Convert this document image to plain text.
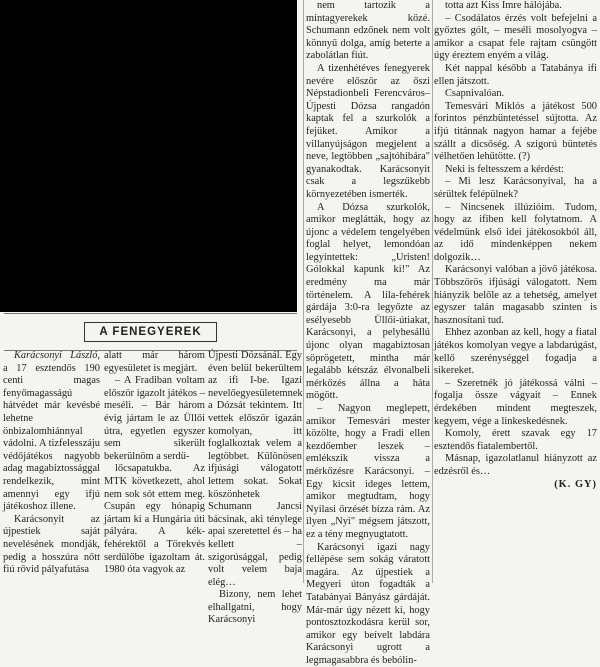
A FENEGYEREK

Karácsonyi László, a 17 esztendős 190 centi magas fenyőmagasságú hátvédet már kevésbé lehetne önbizalomhiánnyal vádolni. A tizfelesszáju védőjátékos nagyobb adag magabiztossággal rendelkezik, mint amennyi egy ifjú játékoshoz illene.

Karácsonyit az újpestiek saját nevelésének mondják, pedig a hosszúra nőtt fiú rövid pályafutása

alatt már három egyesületet is megjárt.

– A Fradiban voltam először igazolt játékos – meséli. – Bár három évig jártam le az Üllői útra, egyetlen egyszer sem sikerült bekerülnöm a serdü-

lőcsapatukba. Az MTK következett, ahol nem sok sót ettem meg. Csupán egy hónapig jártam ki a Hungária úti pályára. A kék-fehérektől a Törekvés serdülőbe igazoltam át. 1980 óta vagyok az

Újpesti Dózsánál. Egy éven belül bekerültem az ifi I-be. Igazi nevelőegyesületemnek a Dózsát tekintem. Itt vettek először igazán komolyan, itt foglalkoztak velem a legtöbbet. Különösen ifjúsági válogatott lettem sokat. Sokat köszönhetek Schumann Jancsi bácsinak, aki ténylege apai szeretettel és – ha kellett – szigorúsággal, pedig volt velem baja elég…

Bizony, nem lehet elhallgatni, hogy Karácsonyi

nem tartozik a mintagyerekek közé. Schumann edzőnek nem volt könnyű dolga, amíg beterte a zabolátlan fiút.

A tizenhétéves fenegyerek nevére először az őszi Népstadionbeli Ferencváros–Újpesti Dózsa rangadón kaptak fel a szurkolók a fejüket. Amikor a villanyújságon megjelent a neve, legtöbben „sajtóhibára" gyanakodtak. Karácsonyit csak a legszűkebb környezetében ismerték.

A Dózsa szurkolók, amikor meglátták, hogy az újonc a védelem tengelyében foglal helyet, lemondóan legyintettek: „Uristen! Gólokkal kapunk ki!" Az eredmény ma már történelem. A lila-fehérek gárdája 3:0-ra legyőzte az esélyesebb Üllői-útiakat, Karácsonyi, a pelyhesállú újonc olyan magabiztosan söprögetett, mintha már legalább kétszáz élvonalbeli mérkőzés állna a háta mögött.

– Nagyon meglepett, amikor Temesvári mester közölte, hogy a Fradi ellen kezdőember leszek – emlékszik vissza a mérkőzésre Karácsonyi. – Egy kicsit ideges lettem, amikor megtudtam, hogy Nyilasi őrzését bízza rám. Az ilyen „Nyi" mégsem játszott, ez a tény megnyugtatott.

Karácsonyi igazi nagy fellépése sem sokág váratott magára. Az újpestiek a Megyeri úton fogadták a Tatabányai Bányász gárdáját. Már-már úgy nézett ki, hogy pontosztozkodásra kerül sor, amikor egy beívelt labdára Karácsonyi ugrott a legmagasabbra és bebólin-

totta azt Kiss Imre hálójába.

– Csodálatos érzés volt befejelni a győztes gólt, – meséli mosolyogva – amikor a csapat fele rajtam csüngött úgy éreztem enyém a világ.

Két nappal később a Tatabánya ifi ellen játszott.

Csapnivalóan.

Temesvári Miklós a játékost 500 forintos pénzbüntetéssel sújtotta. Az ifjú titánnak nagyon hamar a fejébe szállt a dicsőség. A szigorú büntetés vélhetően lehűtötte. (?)

Neki is feltesszem a kérdést:

– Mi lesz Karácsonyival, ha a sérültek felépülnek?

– Nincsenek illúzióim. Tudom, hogy az ifiben kell folytatnom. A védelmünk első idei játékosokból áll, az idő mindenképpen nekem dolgozik…

Karácsonyi valóban a jövő játékosa. Többszörös ifjúsági válogatott. Nem hiányzik belőle az a tehetség, amelyet egyszer talán magasabb szinten is hasznosítani tud.

Ehhez azonban az kell, hogy a fiatal játékos komolyan vegye a labdarúgást, kellő szerénységgel fogadja a sikereket.

– Szeretnék jó játékossá válni – fogalja össze vágyait – Ennek érdekében mindent megteszek, kegyem, vége a linkeskedésnek.

Komoly, érett szavak egy 17 esztendős fiatalembertől.

Másnap, igazolatlanul hiányzott az edzésről és…

(K. GY)
